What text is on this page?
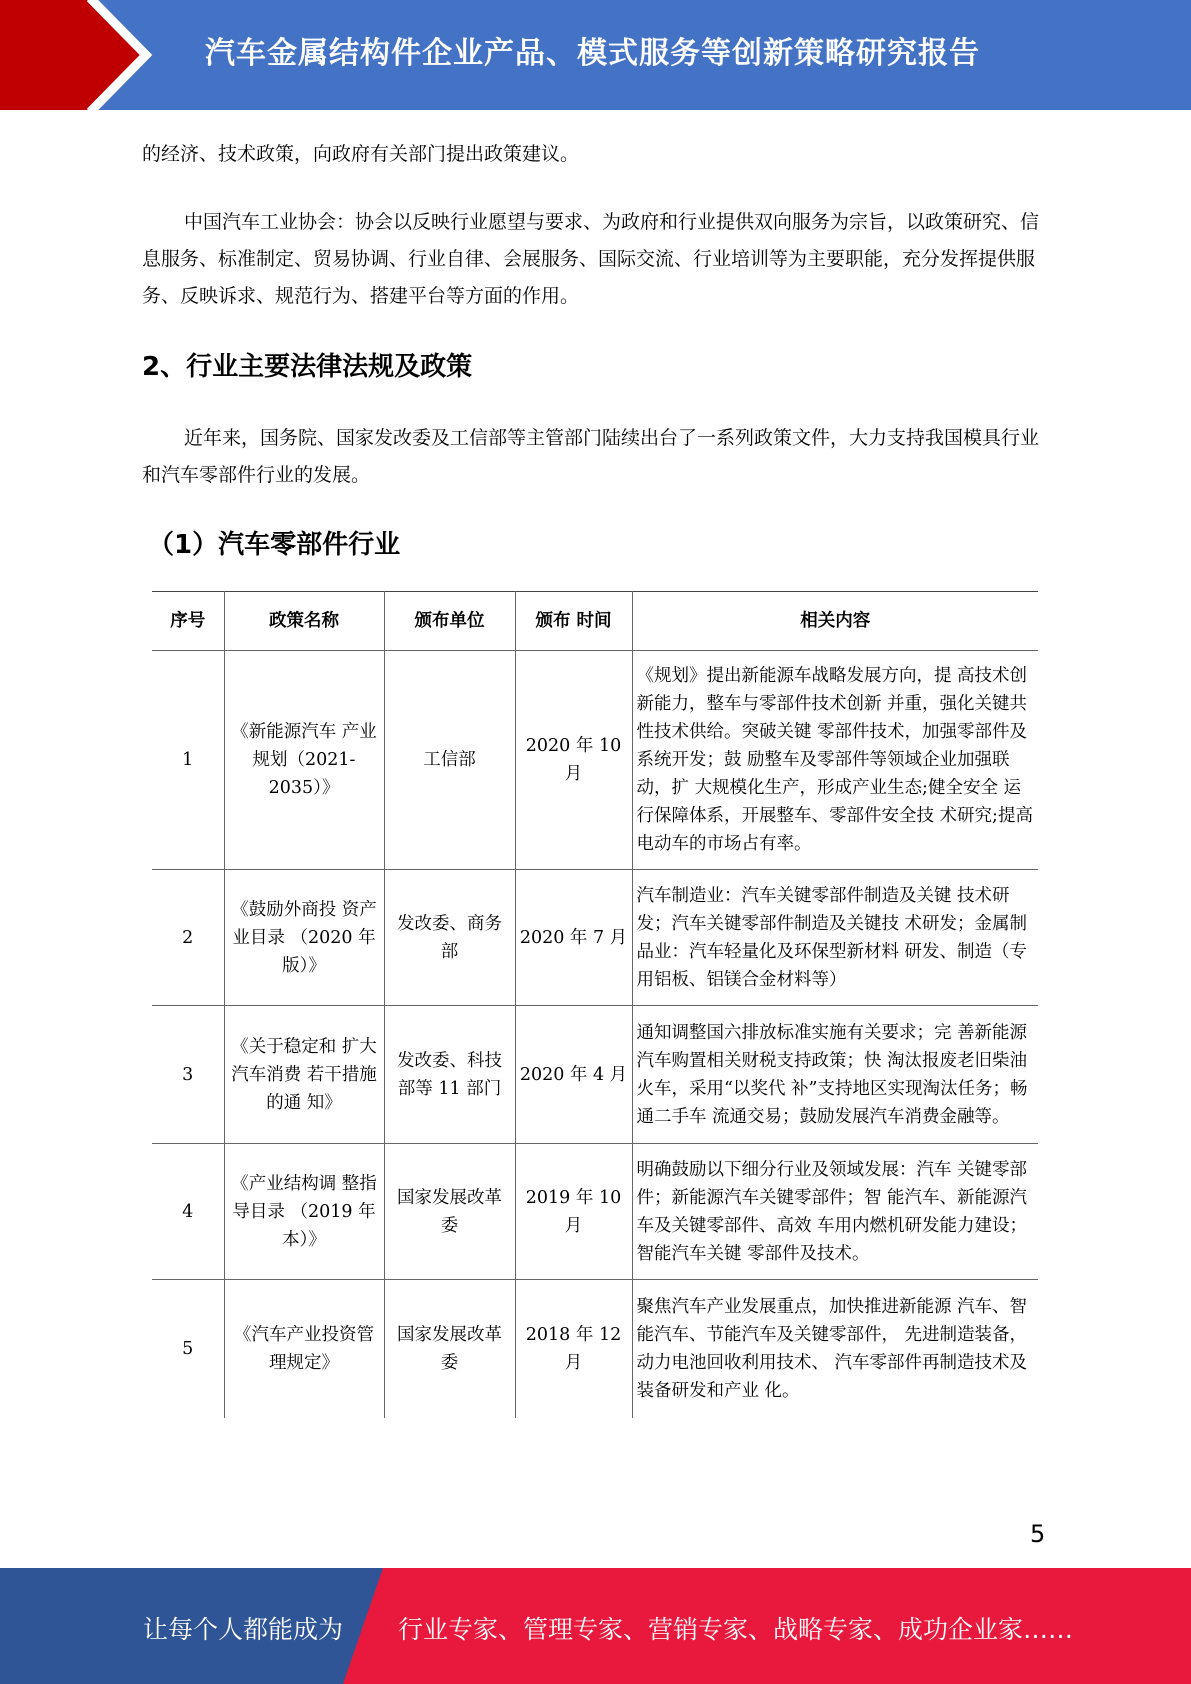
汽车金属结构件企业产品、模式服务等创新策略研究报告

的经济、技术政策，向政府有关部门提出政策建议。

中国汽车工业协会：协会以反映行业愿望与要求、为政府和行业提供双向服务为宗旨，以政策研究、信息服务、标准制定、贸易协调、行业自律、会展服务、国际交流、行业培训等为主要职能，充分发挥提供服务、反映诉求、规范行为、搭建平台等方面的作用。

2、行业主要法律法规及政策

近年来，国务院、国家发改委及工信部等主管部门陆续出台了一系列政策文件，大力支持我国模具行业和汽车零部件行业的发展。

（1）汽车零部件行业
序号	政策名称	颁布单位	颁布 时间	相关内容
1	《新能源汽车 产业规划（2021-2035）》	工信部	2020 年 10 月	《规划》提出新能源车战略发展方向，提 高技术创新能力，整车与零部件技术创新 并重，强化关键共性技术供给。突破关键 零部件技术，加强零部件及系统开发；鼓 励整车及零部件等领域企业加强联动，扩 大规模化生产，形成产业生态;健全安全 运行保障体系，开展整车、零部件安全技 术研究;提高电动车的市场占有率。
2	《鼓励外商投 资产业目录 （2020 年版）》	发改委、商务部	2020 年 7 月	汽车制造业：汽车关键零部件制造及关键 技术研发；汽车关键零部件制造及关键技 术研发；金属制品业：汽车轻量化及环保型新材料 研发、制造（专用铝板、铝镁合金材料等）
3	《关于稳定和 扩大汽车消费 若干措施的通 知》	发改委、科技部等 11 部门	2020 年 4 月	通知调整国六排放标准实施有关要求；完 善新能源汽车购置相关财税支持政策；快 淘汰报废老旧柴油火车，采用“以奖代 补”支持地区实现淘汰任务；畅通二手车 流通交易；鼓励发展汽车消费金融等。
4	《产业结构调 整指导目录 （2019 年本）》	国家发展改革委	2019 年 10 月	明确鼓励以下细分行业及领域发展：汽车 关键零部件；新能源汽车关键零部件；智 能汽车、新能源汽车及关键零部件、高效 车用内燃机研发能力建设；智能汽车关键 零部件及技术。
5	《汽车产业投资管理规定》	国家发展改革委	2018 年 12 月	聚焦汽车产业发展重点，加快推进新能源 汽车、智能汽车、节能汽车及关键零部件， 先进制造装备，动力电池回收利用技术、 汽车零部件再制造技术及装备研发和产业 化。
5
让每个人都能成为 行业专家、管理专家、营销专家、战略专家、成功企业家……
